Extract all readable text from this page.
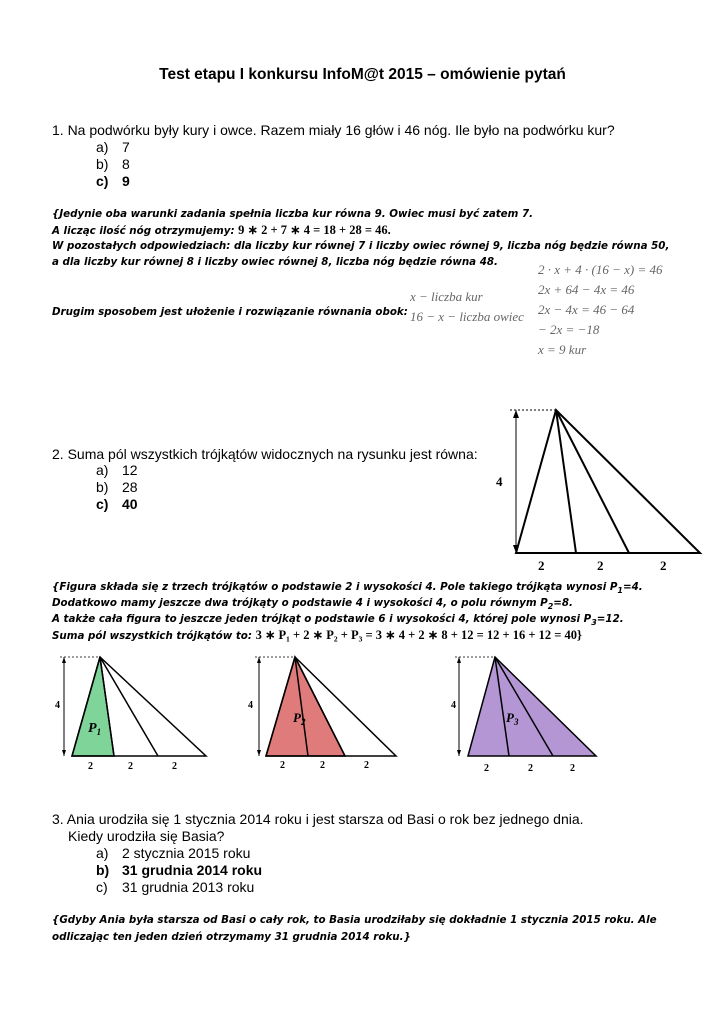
Test etapu I konkursu InfoM@t 2015 – omówienie pytań
1. Na podwórku były kury i owce. Razem miały 16 głów i 46 nóg. Ile było na podwórku kur?
a) 7
b) 8
c) 9
{Jedynie oba warunki zadania spełnia liczba kur równa 9. Owiec musi być zatem 7.
A licząc ilość nóg otrzymujemy: 9 ∗ 2 + 7 ∗ 4 = 18 + 28 = 46.
W pozostałych odpowiedziach: dla liczby kur równej 7 i liczby owiec równej 9, liczba nóg będzie równa 50,
a dla liczby kur równej 8 i liczby owiec równej 8, liczba nóg będzie równa 48.
Drugim sposobem jest ułożenie i rozwiązanie równania obok:
x − liczba kur
16 − x − liczba owiec
2 · x + 4 · (16 − x) = 46
2x + 64 − 4x = 46
2x − 4x = 46 − 64
− 2x = −18
x = 9 kur
2. Suma pól wszystkich trójkątów widocznych na rysunku jest równa:
a) 12
b) 28
c) 40
4
2	2	2
{Figura składa się z trzech trójkątów o podstawie 2 i wysokości 4. Pole takiego trójkąta wynosi $P_1=4$.
Dodatkowo mamy jeszcze dwa trójkąty o podstawie 4 i wysokości 4, o polu równym $P_2=8$.
A także cała figura to jeszcze jeden trójkąt o podstawie 6 i wysokości 4, której pole wynosi $P_3=12$.
Suma pól wszystkich trójkątów to: 3 ∗ P₁ + 2 ∗ P₂ + P₃ = 3 ∗ 4 + 2 ∗ 8 + 12 = 12 + 16 + 12 = 40}
4
$P_1$
2	2	2
4
$P_2$
2	2	2
4
$P_3$
2	2	2
3. Ania urodziła się 1 stycznia 2014 roku i jest starsza od Basi o rok bez jednego dnia.
Kiedy urodziła się Basia?
a) 2 stycznia 2015 roku
b) 31 grudnia 2014 roku
c) 31 grudnia 2013 roku
{Gdyby Ania była starsza od Basi o cały rok, to Basia urodziłaby się dokładnie 1 stycznia 2015 roku. Ale
odliczając ten jeden dzień otrzymamy 31 grudnia 2014 roku.}
